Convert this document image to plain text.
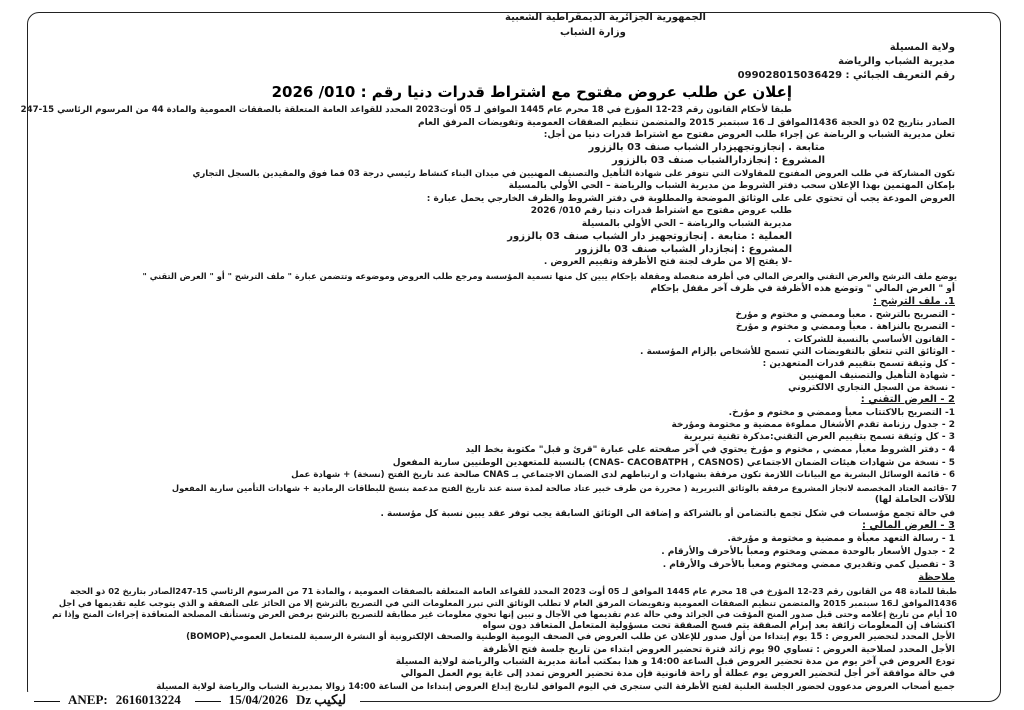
الجمهورية الجزائرية الديمقراطية الشعبية
وزارة الشباب
ولاية المسيلة
مديرية الشباب والرياضة
رقم التعريف الجبائي : 099028015036429
إعلان عن طلب عروض مفتوح مع اشتراط قدرات دنيا رقم : 010/ 2026
طبقا لأحكام القانون رقم 23-12 المؤرخ في 18 محرم عام 1445 الموافق لـ 05 أوت2023 المحدد للقواعد العامة المتعلقة بالصفقات العمومية والمادة 44 من المرسوم الرئاسي 15-247
الصادر بتاريخ 02 ذو الحجة 1436الموافق لـ 16 سبتمبر 2015 والمتضمن تنظيم الصفقات العمومية وتفويضات المرفق العام
تعلن مديرية الشباب و الرياضة عن إجراء طلب العروض مفتوح مع اشتراط قدرات دنيا من أجل:
متابعة . إنجازوتجهيزدار الشباب صنف 03 بالززور
المشروع : إنجازدارالشباب صنف 03 بالززور
تكون المشاركة في طلب العروض المفتوح للمقاولات التي تتوفر على شهادة التأهيل والتصنيف المهنيين في ميدان البناء كنشاط رئيسي درجة 03 فما فوق والمقيدين بالسجل التجاري
بإمكان المهتمين بهذا الإعلان سحب دفتر الشروط من مديرية الشباب والرياضة – الحي الأولي بالمسيلة
العروض المودعة يجب أن تحتوي على على الوثائق الموضحة والمطلوبة في دفتر الشروط والظرف الخارجي يحمل عبارة :
طلب عروض مفتوح مع اشتراط قدرات دنيا رقم 010/ 2026
مديرية الشباب والرياضة – الحي الأولي بالمسيلة
العملية : متابعة . إنجازوتجهيز دار الشباب صنف 03 بالززور
المشروع : إنجازدار الشباب صنف 03 بالززور
-لا يفتح إلا من طرف لجنة فتح الأظرفة وتقييم العروض .
يوضع ملف الترشح والعرض التقني والعرض المالي في أظرفة منفصلة ومقفلة بإحكام يبين كل منها تسمية المؤسسة ومرجع طلب العروض وموضوعه وتتضمن عبارة " ملف الترشح " أو " العرض التقني "
أو " العرض المالي " وتوضع هذه الأظرفة في ظرف آخر مقفل بإحكام
1. ملف الترشح :
- التصريح بالترشح . معبأ وممضي و مختوم و مؤرخ
- التصريح بالنزاهة . معبأ وممضي و مختوم و مؤرخ
- القانون الأساسي بالنسبة للشركات .
- الوثائق التي تتعلق بالتفويضات التي تسمح للأشخاص بإلزام المؤسسة .
- كل وثيقة تسمح بتقييم قدرات المتعهدين :
- شهادة التأهيل والتصنيف المهنيين
- نسخة من السجل التجاري الالكتروني
2 - العرض التقني :
1- التصريح بالاكتتاب معبأ وممضي و مختوم و مؤرخ.
2 - جدول رزنامة تقدم الأشغال مملوءة ممضية و مختومة ومؤرخة
3 - كل وثيقة تسمح بتقييم العرض التقني:مذكرة تقنية تبريرية
4 - دفتر الشروط معبأ, ممضي , مختوم و مؤرخ يحتوي في آخر صفحته على عبارة "قرئ و قبل" مكتوبة بخط اليد
5 - نسخة من شهادات هيئات الضمان الاجتماعي (CNAS- CACOBATPH , CASNOS) بالنسبة للمتعهدين الوطنيين سارية المفعول
6 - قائمة الوسائل البشرية مع البيانات اللازمة تكون مرفقة بشهادات و ارتباطهم لدى الضمان الاجتماعي بـ CNAS صالحة عند تاريخ الفتح (نسخة) + شهادة عمل
7 -قائمة العتاد المخصصة لانجاز المشروع مرفقة بالوثائق التبريرية ( محررة من طرف خبير عتاد صالحة لمدة سنة عند تاريخ الفتح مدعمة بنسخ للبطاقات الرمادية + شهادات التأمين سارية المفعول
للآلات الحاملة لها)
في حالة تجمع مؤسسات في شكل تجمع بالتضامن أو بالشراكة و إضافة الى الوثائق السابقة يجب توفر عقد يبين نسبة كل مؤسسة .
3 - العرض المالي :
1 - رسالة التعهد معبأة و ممضية و مختومة و مؤرخة.
2 - جدول الأسعار بالوحدة ممضي ومختوم ومعبأ بالأحرف والأرقام .
3 - تفصيل كمي وتقديري ممضي ومختوم ومعبأ بالأحرف والأرقام .
ملاحظة
طبقا للمادة 48 من القانون رقم 23-12 المؤرخ في 18 محرم عام 1445 الموافق لـ 05 أوت 2023 المحدد للقواعد العامة المتعلقة بالصفقات العمومية ، والمادة 71 من المرسوم الرئاسي 15-247الصادر بتاريخ 02 ذو الحجة
1436الموافق لـ16 سبتمبر 2015 والمتضمن تنظيم الصفقات العمومية وتفويضات المرفق العام لا تطلب الوثائق التي تبرر المعلومات التي في التصريح بالترشح إلا من الحائز على الصفقة و الذي يتوجب عليه تقديمها في اجل
10 أيام من تاريخ إعلامه وحتى قبل صدور المنح المؤقت في الجرائد وفي حالة عدم تقديمها في الآجال و تبين إنها تحوي معلومات غير مطابقة للتصريح بالترشح برفض العرض وتستأنف المصلحة المتعاقدة إجراءات المنح وإذا تم
اكتشاف إن المعلومات زائفة بعد إبرام الصفقة يتم فسخ الصفقة تحت مسؤولية المتعامل المتعاقد دون سواه
الأجل المحدد لتحضير العروض : 15 يوم إبتداءا من أول صدور للإعلان عن طلب العروض في الصحف اليومية الوطنية والصحف الإلكترونية أو النشرة الرسمية للمتعامل العمومي(BOMOP)
الأجل المحدد لصلاحية العروض : تساوي 90 يوم زائد فترة تحضير العروض ابتداء من تاريخ جلسة فتح الأظرفة
تودع العروض في آخر يوم من مدة تحضير العروض قبل الساعة 14:00 و هذا بمكتب أمانة مديرية الشباب والرياضة لولاية المسيلة
في حالة موافقة آخر أجل لتحضير العروض يوم عطلة أو راحة قانونية فإن مدة تحضير العروض تمدد إلى غاية يوم العمل الموالي
جميع أصحاب العروض مدعوون لحضور الجلسة العلنية لفتح الأظرفة التي ستجرى في اليوم الموافق لتاريخ إيداع العروض إبتداءا من الساعة 14:00 زوالا بمديرية الشباب والرياضة لولاية المسيلة
ANEP: 2616013224	15/04/2026 Dz ليكيب
